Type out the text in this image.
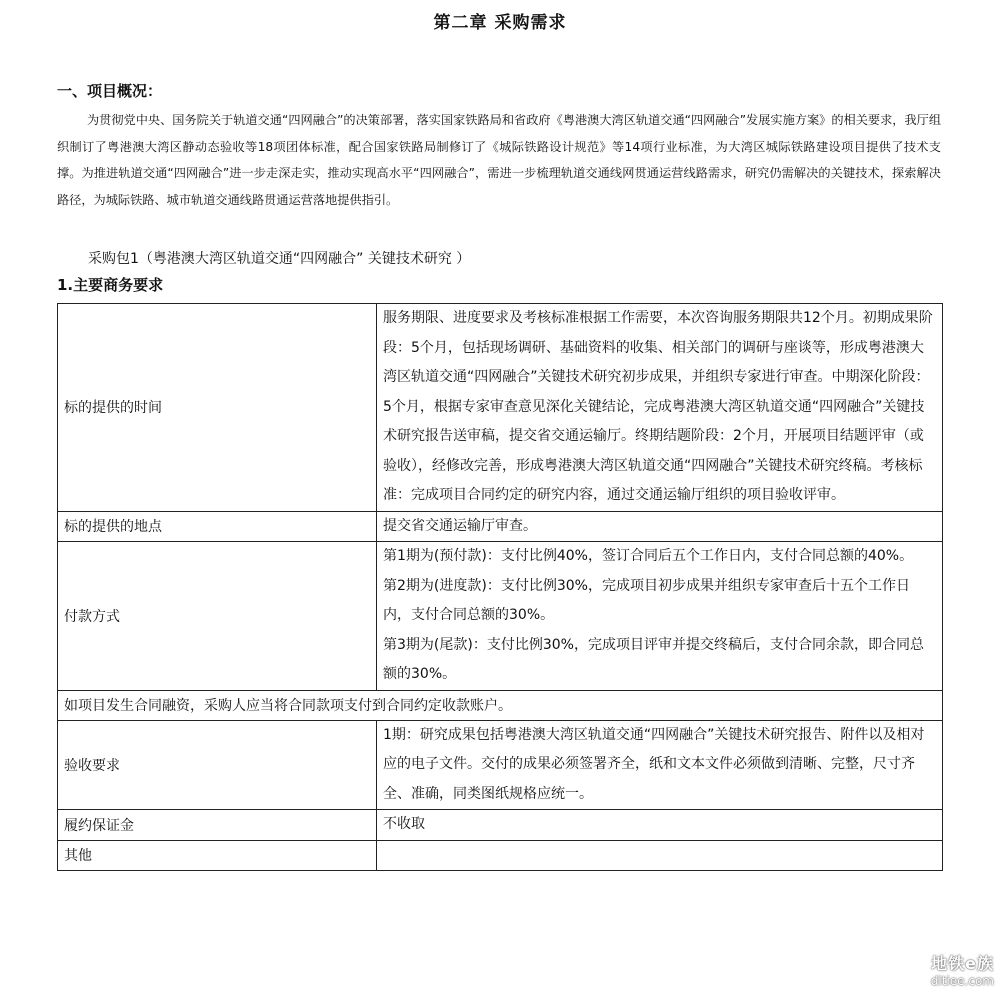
第二章 采购需求
一、项目概况：
为贯彻党中央、国务院关于轨道交通“四网融合”的决策部署，落实国家铁路局和省政府《粤港澳大湾区轨道交通“四网融合”发展实施方案》的相关要求，我厅组织制订了粤港澳大湾区静动态验收等18项团体标准，配合国家铁路局制修订了《城际铁路设计规范》等14项行业标准，为大湾区城际铁路建设项目提供了技术支撑。为推进轨道交通“四网融合”进一步走深走实，推动实现高水平“四网融合”，需进一步梳理轨道交通线网贯通运营线路需求，研究仍需解决的关键技术，探索解决路径，为城际铁路、城市轨道交通线路贯通运营落地提供指引。
采购包1（粤港澳大湾区轨道交通“四网融合” 关键技术研究 ）
1.主要商务要求
标的提供的时间	服务期限、进度要求及考核标准根据工作需要，本次咨询服务期限共12个月。初期成果阶段：5个月，包括现场调研、基础资料的收集、相关部门的调研与座谈等，形成粤港澳大湾区轨道交通“四网融合”关键技术研究初步成果，并组织专家进行审查。中期深化阶段：5个月，根据专家审查意见深化关键结论，完成粤港澳大湾区轨道交通“四网融合”关键技术研究报告送审稿，提交省交通运输厅。终期结题阶段：2个月，开展项目结题评审（或验收），经修改完善，形成粤港澳大湾区轨道交通“四网融合”关键技术研究终稿。考核标准：完成项目合同约定的研究内容，通过交通运输厅组织的项目验收评审。
标的提供的地点	提交省交通运输厅审查。
付款方式	第1期为(预付款)：支付比例40%，签订合同后五个工作日内，支付合同总额的40%。

第2期为(进度款)：支付比例30%，完成项目初步成果并组织专家审查后十五个工作日内，支付合同总额的30%。

第3期为(尾款)：支付比例30%，完成项目评审并提交终稿后，支付合同余款，即合同总额的30%。

如项目发生合同融资，采购人应当将合同款项支付到合同约定收款账户。	
验收要求	1期：研究成果包括粤港澳大湾区轨道交通“四网融合”关键技术研究报告、附件以及相对应的电子文件。交付的成果必须签署齐全，纸和文本文件必须做到清晰、完整，尺寸齐全、准确，同类图纸规格应统一。
履约保证金	不收取
其他	
地铁e族
ditiee.com
